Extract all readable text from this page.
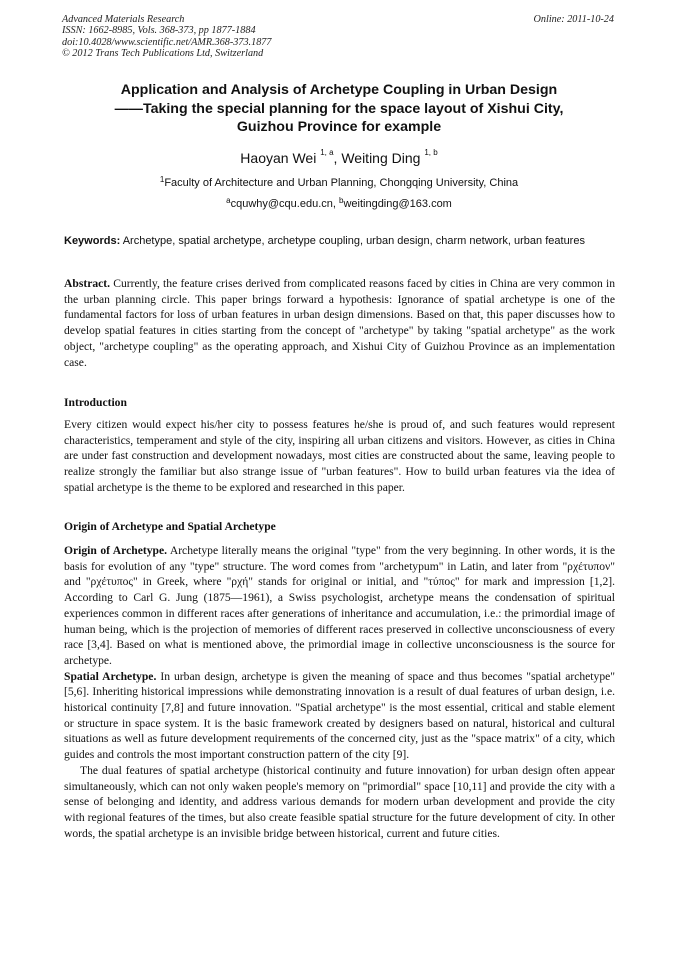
Advanced Materials Research
ISSN: 1662-8985, Vols. 368-373, pp 1877-1884
doi:10.4028/www.scientific.net/AMR.368-373.1877
© 2012 Trans Tech Publications Ltd, Switzerland
Online: 2011-10-24
Application and Analysis of Archetype Coupling in Urban Design
——Taking the special planning for the space layout of Xishui City,
Guizhou Province for example
Haoyan Wei $^{1, a}$, Weiting Ding $^{1, b}$
$^1$Faculty of Architecture and Urban Planning, Chongqing University, China
$^a$cquwhy@cqu.edu.cn, $^b$weitingding@163.com
Keywords: Archetype, spatial archetype, archetype coupling, urban design, charm network, urban features
Abstract. Currently, the feature crises derived from complicated reasons faced by cities in China are very common in the urban planning circle. This paper brings forward a hypothesis: Ignorance of spatial archetype is one of the fundamental factors for loss of urban features in urban design dimensions. Based on that, this paper discusses how to develop spatial features in cities starting from the concept of "archetype" by taking "spatial archetype" as the work object, "archetype coupling" as the operating approach, and Xishui City of Guizhou Province as an implementation case.
Introduction
Every citizen would expect his/her city to possess features he/she is proud of, and such features would represent characteristics, temperament and style of the city, inspiring all urban citizens and visitors. However, as cities in China are under fast construction and development nowadays, most cities are constructed about the same, leaving people to realize strongly the familiar but also strange issue of "urban features". How to build urban features via the idea of spatial archetype is the theme to be explored and researched in this paper.
Origin of Archetype and Spatial Archetype
Origin of Archetype. Archetype literally means the original "type" from the very beginning. In other words, it is the basis for evolution of any "type" structure. The word comes from "archetypum" in Latin, and later from "ρχέτυπον" and "ρχέτυπος" in Greek, where "ρχή" stands for original or initial, and "τύπος" for mark and impression [1,2]. According to Carl G. Jung (1875—1961), a Swiss psychologist, archetype means the condensation of spiritual experiences common in different races after generations of inheritance and accumulation, i.e.: the primordial image of human being, which is the projection of memories of different races preserved in collective unconsciousness of every race [3,4]. Based on what is mentioned above, the primordial image in collective unconsciousness is the source for archetype.
Spatial Archetype. In urban design, archetype is given the meaning of space and thus becomes "spatial archetype" [5,6]. Inheriting historical impressions while demonstrating innovation is a result of dual features of urban design, i.e. historical continuity [7,8] and future innovation. "Spatial archetype" is the most essential, critical and stable element or structure in space system. It is the basic framework created by designers based on natural, historical and cultural situations as well as future development requirements of the concerned city, just as the "space matrix" of a city, which guides and controls the most important construction pattern of the city [9].
The dual features of spatial archetype (historical continuity and future innovation) for urban design often appear simultaneously, which can not only waken people's memory on "primordial" space [10,11] and provide the city with a sense of belonging and identity, and address various demands for modern urban development and provide the city with regional features of the times, but also create feasible spatial structure for the future development of city. In other words, the spatial archetype is an invisible bridge between historical, current and future cities.
